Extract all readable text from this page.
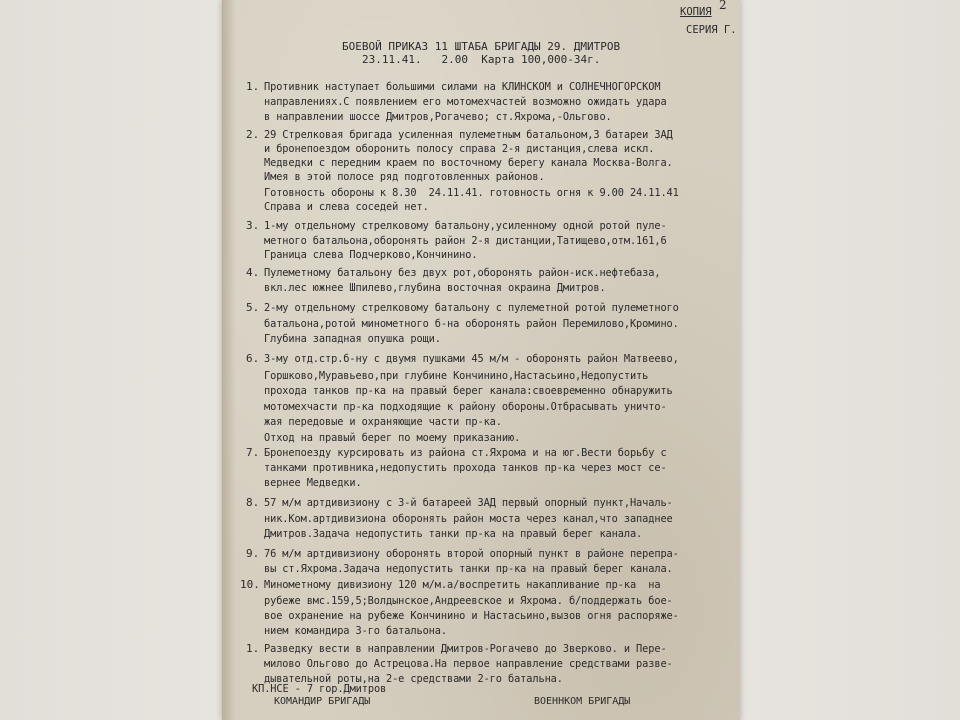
2
КОПИЯ
СЕРИЯ Г.
БОЕВОЙ ПРИКАЗ 11 ШТАБА БРИГАДЫ 29. ДМИТРОВ
23.11.41.   2.00  Карта 100,000-34г.
1. Противник наступает большими силами на КЛИНСКОМ и СОЛНЕЧНОГОРСКОМ
направлениях.С появлением его мотомехчастей возможно ожидать удара
в направлении шоссе Дмитров,Рогачево; ст.Яхрома,-Ольгово.
2. 29 Стрелковая бригада усиленная пулеметным батальоном,3 батареи ЗАД
и бронепоездом оборонить полосу справа 2-я дистанция,слева искл.
Медведки с передним краем по восточному берегу канала Москва-Волга.
Имея в этой полосе ряд подготовленных районов.
Готовность обороны к 8.30  24.11.41. готовность огня к 9.00 24.11.41
Справа и слева соседей нет.
3. 1-му отдельному стрелковому батальону,усиленному одной ротой пуле-
метного батальона,оборонять район 2-я дистанции,Татищево,отм.161,6
Граница слева Подчерково,Кончинино.
4. Пулеметному батальону без двух рот,оборонять район-иск.нефтебаза,
вкл.лес южнее Шпилево,глубина восточная окраина Дмитров.
5. 2-му отдельному стрелковому батальону с пулеметной ротой пулеметного
батальона,ротой минометного б-на оборонять район Перемилово,Кромино.
Глубина западная опушка рощи.
6. 3-му отд.стр.б-ну с двумя пушками 45 м/м - оборонять район Матвеево,
Горшково,Муравьево,при глубине Кончинино,Настасьино,Недопустить
прохода танков пр-ка на правый берег канала:своевременно обнаружить
мотомехчасти пр-ка подходящие к району обороны.Отбрасывать уничто-
жая передовые и охраняющие части пр-ка.
Отход на правый берег по моему приказанию.
7. Бронепоезду курсировать из района ст.Яхрома и на юг.Вести борьбу с
танками противника,недопустить прохода танков пр-ка через мост се-
вернее Медведки.
8. 57 м/м артдивизиону с 3-й батареей ЗАД первый опорный пункт,Началь-
ник.Ком.артдивизиона оборонять район моста через канал,что западнее
Дмитров.Задача недопустить танки пр-ка на правый берег канала.
9. 76 м/м артдивизиону оборонять второй опорный пункт в районе перепра-
вы ст.Яхрома.Задача недопустить танки пр-ка на правый берег канала.
10. Минометному дивизиону 120 м/м.а/воспретить накапливание пр-ка  на
рубеже вмс.159,5;Волдынское,Андреевское и Яхрома. б/поддержать бое-
вое охранение на рубеже Кончинино и Настасьино,вызов огня распоряже-
нием командира 3-го батальона.
1. Разведку вести в направлении Дмитров-Рогачево до Зверково. и Пере-
милово Ольгово до Астрецова.На первое направление средствами разве-
дывательной роты,на 2-е средствами 2-го батальна.
КП.НСЕ - 7 гор.Дмитров
КОМАНДИР БРИГАДЫ	ВОЕННКОМ БРИГАДЫ
